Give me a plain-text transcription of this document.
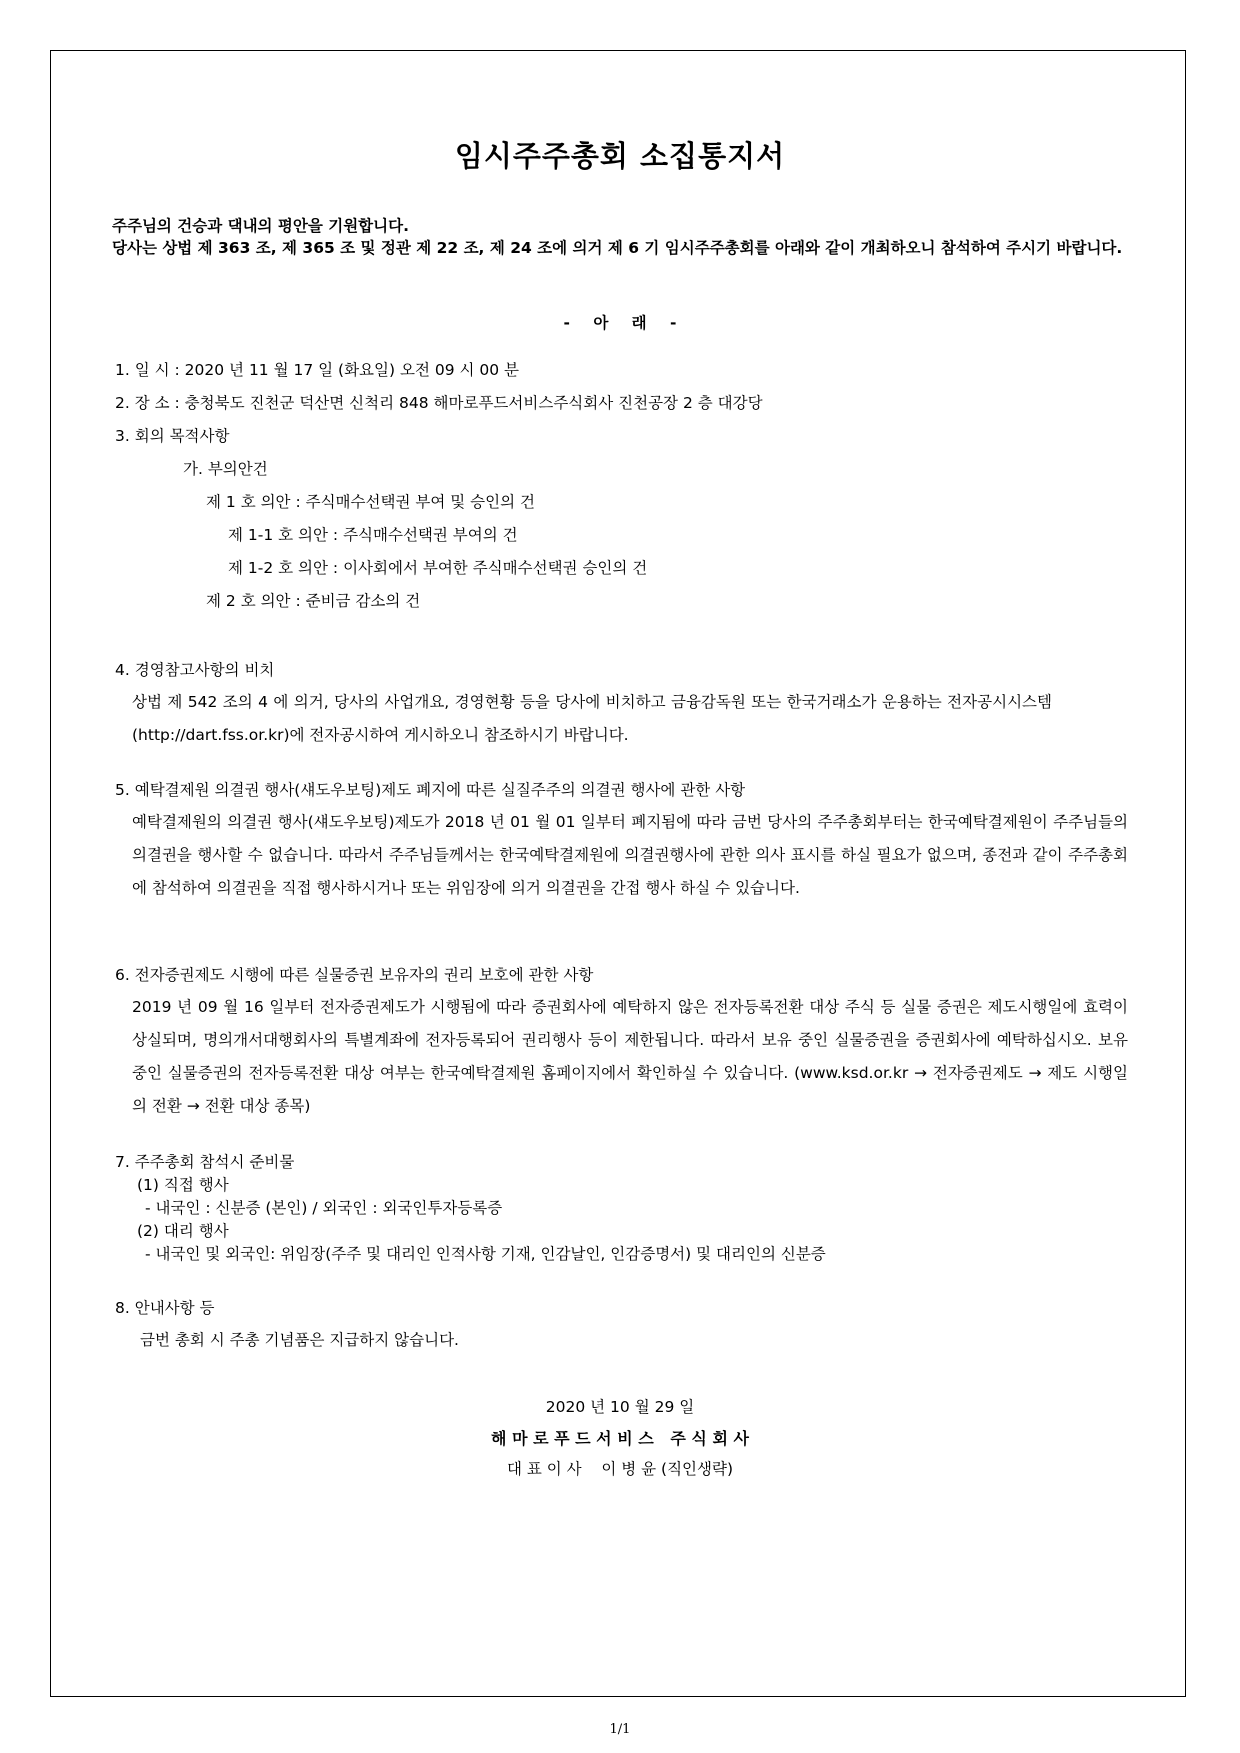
임시주주총회 소집통지서
주주님의 건승과 댁내의 평안을 기원합니다.
당사는 상법 제 363 조, 제 365 조 및 정관 제 22 조, 제 24 조에 의거 제 6 기 임시주주총회를 아래와 같이 개최하오니 참석하여 주시기 바랍니다.
- 아 래 -
1. 일 시 : 2020 년 11 월 17 일 (화요일) 오전 09 시 00 분
2. 장 소 : 충청북도 진천군 덕산면 신척리 848 해마로푸드서비스주식회사 진천공장 2 층 대강당
3. 회의 목적사항
가. 부의안건
제 1 호 의안 : 주식매수선택권 부여 및 승인의 건
제 1-1 호 의안 : 주식매수선택권 부여의 건
제 1-2 호 의안 : 이사회에서 부여한 주식매수선택권 승인의 건
제 2 호 의안 : 준비금 감소의 건
4. 경영참고사항의 비치
상법 제 542 조의 4 에 의거, 당사의 사업개요, 경영현황 등을 당사에 비치하고 금융감독원 또는 한국거래소가 운용하는 전자공시시스템(http://dart.fss.or.kr)에 전자공시하여 게시하오니 참조하시기 바랍니다.
5. 예탁결제원 의결권 행사(섀도우보팅)제도 폐지에 따른 실질주주의 의결권 행사에 관한 사항
예탁결제원의 의결권 행사(섀도우보팅)제도가 2018 년 01 월 01 일부터 폐지됨에 따라 금번 당사의 주주총회부터는 한국예탁결제원이 주주님들의 의결권을 행사할 수 없습니다. 따라서 주주님들께서는 한국예탁결제원에 의결권행사에 관한 의사 표시를 하실 필요가 없으며, 종전과 같이 주주총회에 참석하여 의결권을 직접 행사하시거나 또는 위임장에 의거 의결권을 간접 행사 하실 수 있습니다.
6. 전자증권제도 시행에 따른 실물증권 보유자의 권리 보호에 관한 사항
2019 년 09 월 16 일부터 전자증권제도가 시행됨에 따라 증권회사에 예탁하지 않은 전자등록전환 대상 주식 등 실물 증권은 제도시행일에 효력이 상실되며, 명의개서대행회사의 특별계좌에 전자등록되어 권리행사 등이 제한됩니다. 따라서 보유 중인 실물증권을 증권회사에 예탁하십시오. 보유 중인 실물증권의 전자등록전환 대상 여부는 한국예탁결제원 홈페이지에서 확인하실 수 있습니다. (www.ksd.or.kr → 전자증권제도 → 제도 시행일의 전환 → 전환 대상 종목)
7. 주주총회 참석시 준비물
(1) 직접 행사
- 내국인 : 신분증 (본인) / 외국인 : 외국인투자등록증
(2) 대리 행사
- 내국인 및 외국인: 위임장(주주 및 대리인 인적사항 기재, 인감날인, 인감증명서) 및 대리인의 신분증
8. 안내사항 등
금번 총회 시 주총 기념품은 지급하지 않습니다.
2020 년 10 월 29 일
해 마 로 푸 드 서 비 스   주 식 회 사
대 표 이 사    이 병 윤 (직인생략)
1/1
